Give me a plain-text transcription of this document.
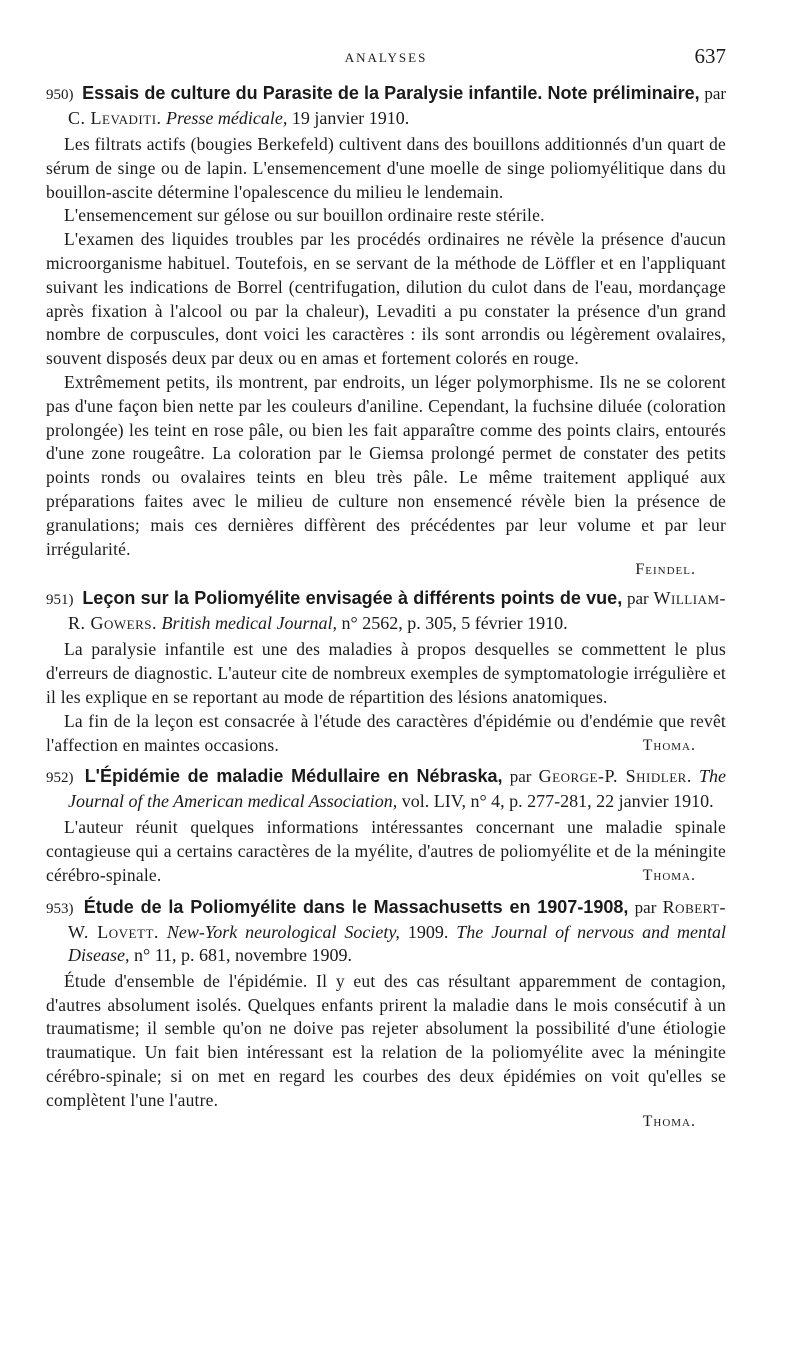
ANALYSES	637

950) Essais de culture du Parasite de la Paralysie infantile. Note préliminaire, par C. Levaditi. Presse médicale, 19 janvier 1910.

Les filtrats actifs (bougies Berkefeld) cultivent dans des bouillons additionnés d'un quart de sérum de singe ou de lapin. L'ensemencement d'une moelle de singe poliomyélitique dans du bouillon-ascite détermine l'opalescence du milieu le lendemain.

L'ensemencement sur gélose ou sur bouillon ordinaire reste stérile.

L'examen des liquides troubles par les procédés ordinaires ne révèle la présence d'aucun microorganisme habituel. Toutefois, en se servant de la méthode de Löffler et en l'appliquant suivant les indications de Borrel (centrifugation, dilution du culot dans de l'eau, mordançage après fixation à l'alcool ou par la chaleur), Levaditi a pu constater la présence d'un grand nombre de corpuscules, dont voici les caractères : ils sont arrondis ou légèrement ovalaires, souvent disposés deux par deux ou en amas et fortement colorés en rouge.

Extrêmement petits, ils montrent, par endroits, un léger polymorphisme. Ils ne se colorent pas d'une façon bien nette par les couleurs d'aniline. Cependant, la fuchsine diluée (coloration prolongée) les teint en rose pâle, ou bien les fait apparaître comme des points clairs, entourés d'une zone rougeâtre. La coloration par le Giemsa prolongé permet de constater des petits points ronds ou ovalaires teints en bleu très pâle. Le même traitement appliqué aux préparations faites avec le milieu de culture non ensemencé révèle bien la présence de granulations; mais ces dernières diffèrent des précédentes par leur volume et par leur irrégularité.

Feindel.

951) Leçon sur la Poliomyélite envisagée à différents points de vue, par William-R. Gowers. British medical Journal, n° 2562, p. 305, 5 février 1910.

La paralysie infantile est une des maladies à propos desquelles se commettent le plus d'erreurs de diagnostic. L'auteur cite de nombreux exemples de symptomatologie irrégulière et il les explique en se reportant au mode de répartition des lésions anatomiques.

La fin de la leçon est consacrée à l'étude des caractères d'épidémie ou d'endémie que revêt l'affection en maintes occasions.	Thoma.

952) L'Épidémie de maladie Médullaire en Nébraska, par George-P. Shidler. The Journal of the American medical Association, vol. LIV, n° 4, p. 277-281, 22 janvier 1910.

L'auteur réunit quelques informations intéressantes concernant une maladie spinale contagieuse qui a certains caractères de la myélite, d'autres de poliomyélite et de la méningite cérébro-spinale.	Thoma.

953) Étude de la Poliomyélite dans le Massachusetts en 1907-1908, par Robert-W. Lovett. New-York neurological Society, 1909. The Journal of nervous and mental Disease, n° 11, p. 681, novembre 1909.

Étude d'ensemble de l'épidémie. Il y eut des cas résultant apparemment de contagion, d'autres absolument isolés. Quelques enfants prirent la maladie dans le mois consécutif à un traumatisme; il semble qu'on ne doive pas rejeter absolument la possibilité d'une étiologie traumatique. Un fait bien intéressant est la relation de la poliomyélite avec la méningite cérébro-spinale; si on met en regard les courbes des deux épidémies on voit qu'elles se complètent l'une l'autre.

Thoma.
